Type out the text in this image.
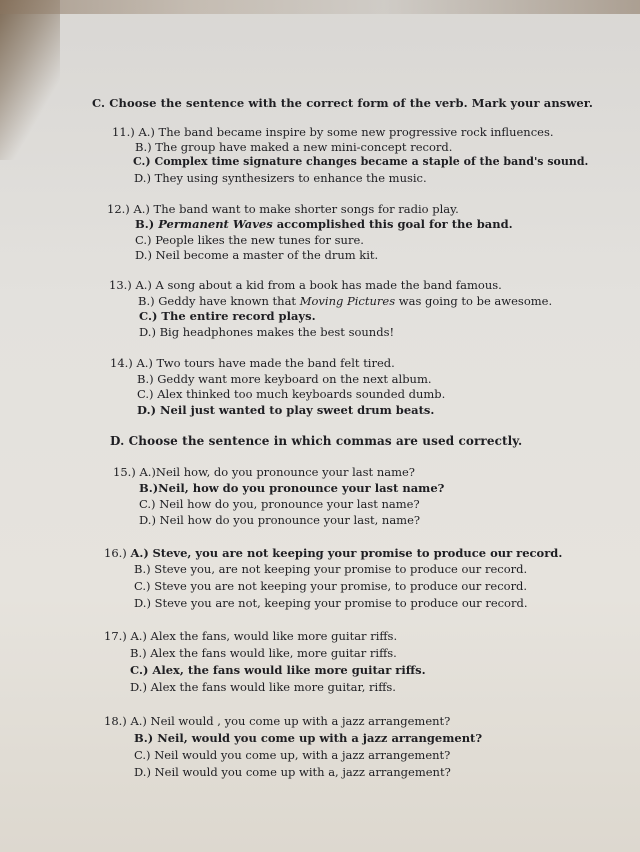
C. Choose the sentence with the correct form of the verb. Mark your answer.
11.) A.) The band became inspire by some new progressive rock influences.
B.) The group have maked a new mini-concept record.
C.) Complex time signature changes became a staple of the band's sound.
D.) They using synthesizers to enhance the music.
12.) A.) The band want to make shorter songs for radio play.
B.) Permanent Waves accomplished this goal for the band.
C.) People likes the new tunes for sure.
D.) Neil become a master of the drum kit.
13.) A.) A song about a kid from a book has made the band famous.
B.) Geddy have known that Moving Pictures was going to be awesome.
C.) The entire record plays.
D.) Big headphones makes the best sounds!
14.) A.) Two tours have made the band felt tired.
B.) Geddy want more keyboard on the next album.
C.) Alex thinked too much keyboards sounded dumb.
D.) Neil just wanted to play sweet drum beats.
D. Choose the sentence in which commas are used correctly.
15.) A.)Neil how, do you pronounce your last name?
B.)Neil, how do you pronounce your last name?
C.) Neil how do you, pronounce your last name?
D.) Neil how do you pronounce your last, name?
16.) A.) Steve, you are not keeping your promise to produce our record.
B.) Steve you, are not keeping your promise to produce our record.
C.) Steve you are not keeping your promise, to produce our record.
D.) Steve you are not, keeping your promise to produce our record.
17.) A.) Alex the fans, would like more guitar riffs.
B.) Alex the fans would like, more guitar riffs.
C.) Alex, the fans would like more guitar riffs.
D.) Alex the fans would like more guitar, riffs.
18.) A.) Neil would , you come up with a jazz arrangement?
B.) Neil, would you come up with a jazz arrangement?
C.) Neil would you come up, with a jazz arrangement?
D.) Neil would you come up with a, jazz arrangement?
